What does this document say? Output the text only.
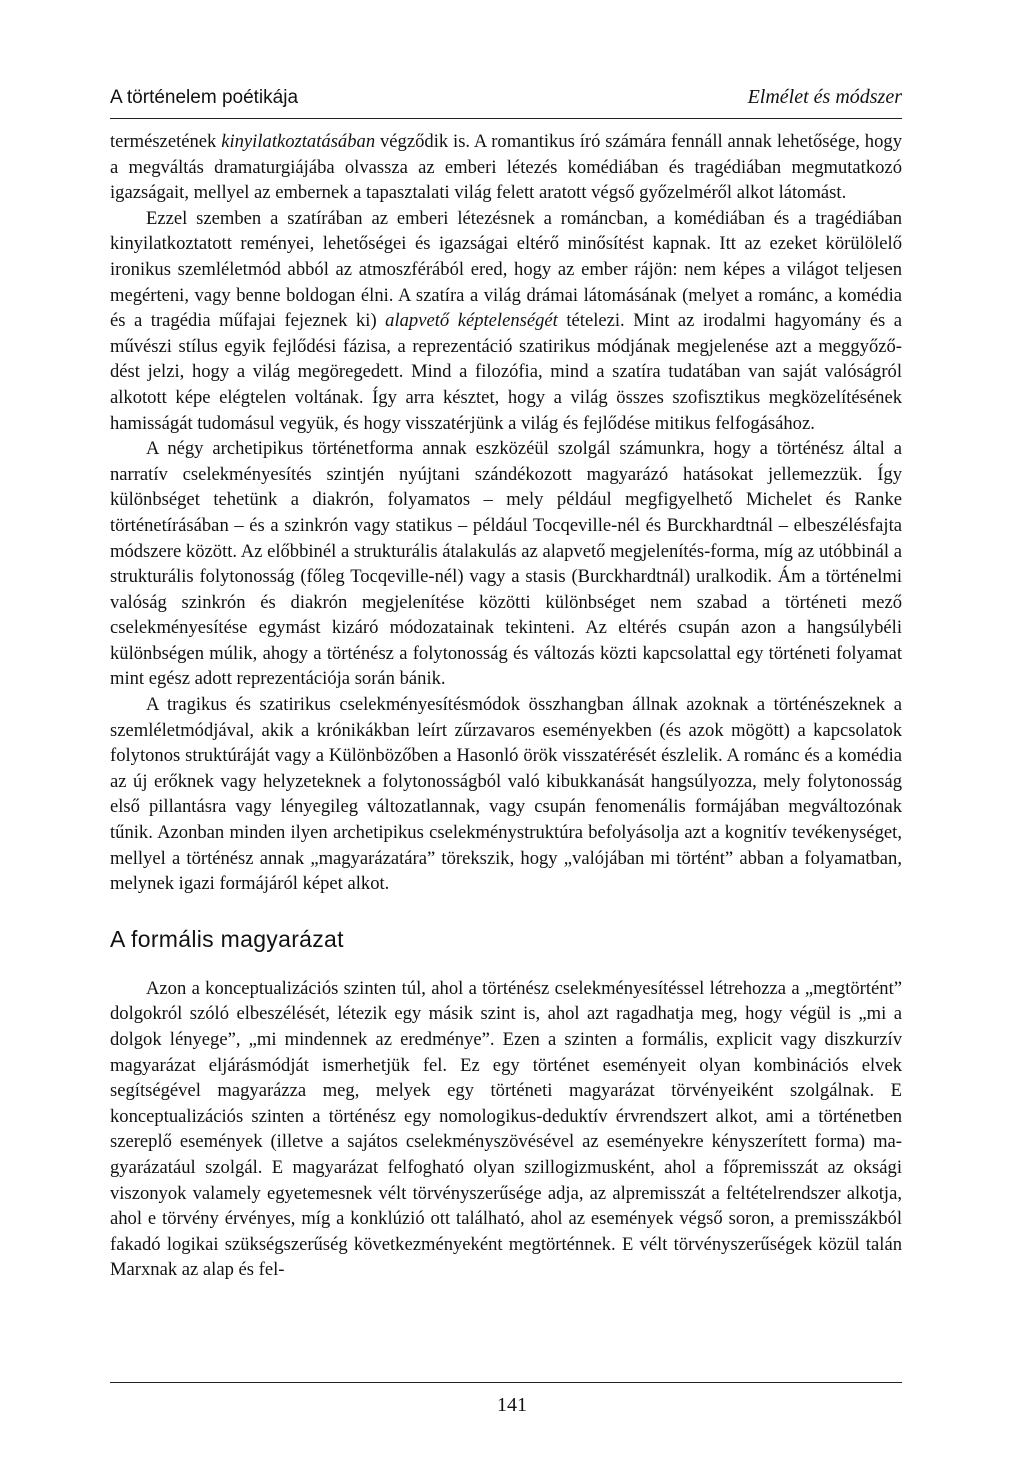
A történelem poétikája	Elmélet és módszer

természetének kinyilatkoztatásában végződik is. A romantikus író számára fennáll annak lehetősége, hogy a megváltás dramaturgiájába olvassza az emberi létezés komédiában és tragédiában megmutatkozó igazságait, mellyel az embernek a tapasztalati világ felett aratott végső győzelméről alkot látomást.

Ezzel szemben a szatírában az emberi létezésnek a románcban, a komédiában és a tragédiában kinyilatkoztatott reményei, lehetőségei és igazságai eltérő minősítést kapnak. Itt az ezeket körülölelő ironikus szemléletmód abból az atmoszférából ered, hogy az ember rájön: nem képes a világot teljesen megérteni, vagy benne boldogan élni. A szatíra a világ drámai látomásának (melyet a románc, a komédia és a tragédia műfajai fejeznek ki) alapvető képtelenségét tételezi. Mint az irodalmi hagyomány és a művészi stílus egyik fejlődési fázisa, a reprezentáció szatirikus módjának megjelenése azt a meggyőződést jelzi, hogy a világ megöregedett. Mind a filozófia, mind a szatíra tudatában van saját valóságról alkotott képe elégtelen voltának. Így arra késztet, hogy a világ összes szofisztikus megközelítésének hamisságát tudomásul vegyük, és hogy visszatérjünk a világ és fejlődése mitikus felfogásához.

A négy archetipikus történetforma annak eszközéül szolgál számunkra, hogy a történész által a narratív cselekményesítés szintjén nyújtani szándékozott magyarázó hatásokat jellemezzük. Így különbséget tehetünk a diakrón, folyamatos – mely például megfigyelhető Michelet és Ranke történetírásában – és a szinkrón vagy statikus – például Tocqeville-nél és Burckhardtnál – elbeszélésfajta módszere között. Az előbbinél a strukturális átalakulás az alapvető megjelenítés-forma, míg az utóbbinál a strukturális folytonosság (főleg Tocqeville-nél) vagy a stasis (Burckhardtnál) uralkodik. Ám a történelmi valóság szinkrón és diakrón megjelenítése közötti különbséget nem szabad a történeti mező cselekményesítése egymást kizáró módozatainak tekinteni. Az eltérés csupán azon a hangsúlybéli különbségen múlik, ahogy a történész a folytonosság és változás közti kapcsolattal egy történeti folyamat mint egész adott reprezentációja során bánik.

A tragikus és szatirikus cselekményesítésmódok összhangban állnak azoknak a történészeknek a szemléletmódjával, akik a krónikákban leírt zűrzavaros eseményekben (és azok mögött) a kapcsolatok folytonos struktúráját vagy a Különbözőben a Hasonló örök visszatérését észlelik. A románc és a komédia az új erőknek vagy helyzeteknek a folytonosságból való kibukkanását hangsúlyozza, mely folytonosság első pillantásra vagy lényegileg változatlannak, vagy csupán fenomenális formájában megváltozónak tűnik. Azonban minden ilyen archetipikus cselekménystruktúra befolyásolja azt a kognitív tevékenységet, mellyel a történész annak „magyarázatára” törekszik, hogy „valójában mi történt” abban a folyamatban, melynek igazi formájáról képet alkot.

A formális magyarázat

Azon a konceptualizációs szinten túl, ahol a történész cselekményesítéssel létrehozza a „megtörtént” dolgokról szóló elbeszélését, létezik egy másik szint is, ahol azt ragadhatja meg, hogy végül is „mi a dolgok lényege”, „mi mindennek az eredménye”. Ezen a szinten a formális, explicit vagy diszkurzív magyarázat eljárásmódját ismerhetjük fel. Ez egy történet eseményeit olyan kombinációs elvek segítségével magyarázza meg, melyek egy történeti magyarázat törvényeiként szolgálnak. E konceptualizációs szinten a történész egy nomologikus-deduktív érvrendszert alkot, ami a történetben szereplő események (illetve a sajátos cselekményszövésével az eseményekre kényszerített forma) magyarázatául szolgál. E magyarázat felfogható olyan szillogizmusként, ahol a főpremisszát az oksági viszonyok valamely egyetemesnek vélt törvényszerűsége adja, az alpremisszát a feltételrendszer alkotja, ahol e törvény érvényes, míg a konklúzió ott található, ahol az események végső soron, a premisszákból fakadó logikai szükségszerűség következményeként megtörténnek. E vélt törvényszerűségek közül talán Marxnak az alap és fel-

141
